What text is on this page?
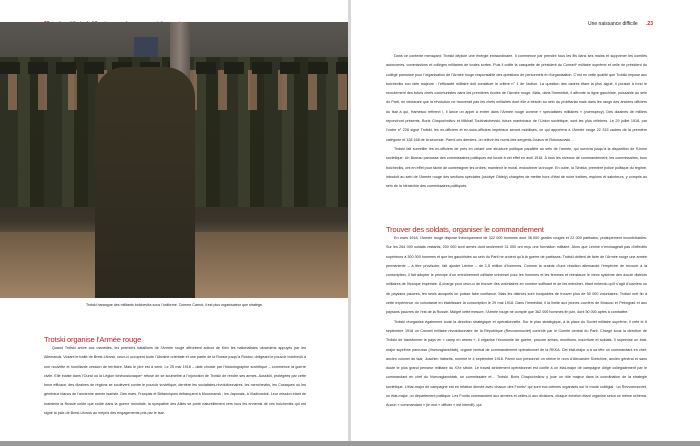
Trotski harangue des militants bolcheviks sous l’uniforme. Comme Carnot, il est plus organisateur que stratège.
Trotski organise l’Armée rouge

Quand Trotski arrive aux manettes, les premiers bataillons de l’Armée rouge affrontent autour de Kiev les nationalistes ukrainiens appuyés par les Allemands. Violant le traité de Brest-Litovsk, ceux-ci occupent toute l’Ukraine orientale et une partie de la Russie jusqu’à Rostov, obligeant le pouvoir bolchevik à une nouvelle et humiliante cession de territoire. Mais le pire est à venir. Le 25 mai 1918 – date choisie par l’historiographie soviétique – commence la guerre civile. Elle éclate dans l’Oural où la Légion tchécoslovaque* refuse de se soumettre à l’injonction de Trotski de rendre ses armes. Aussitôt, protégées par cette force efficace, des dizaines de régions se soulèvent contre le pouvoir soviétique, derrière les socialistes-révolutionnaires, les mencheviks, les Cosaques ou les généraux blancs de l’ancienne armée tsariste. Dès mars, Français et Britanniques débarquent à Mourmansk ; les Japonais, à Vladivostok. Leur mission étant de maintenir la Russie coûte que coûte dans la guerre mondiale, la sympathie des Alliés se porte naturellement vers tous les ennemis de ces bolcheviks qui ont signé la paix de Brest-Litovsk au mépris des engagements pris par le tsar.

Une naissance difficile .23

Dans ce contexte menaçant, Trotski déploie une énergie extraordinaire. Il commence par prendre tous les fils dans ses mains et supprimer les comités autonomes, commissions et collèges militaires de toutes sortes. Puis il coiffe la casquette de président du Conseil* militaire suprême et celle de président du collège panrusse pour l’organisation de l’Armée rouge responsable des questions de personnels et d’organisation. C’est en cette qualité que Trotski impose aux bolcheviks son idée majeure : l’efficacité militaire doit constituer le critère n° 1 de l’action. La question des cadres étant la plus aiguë, il pousse à fond le recrutement des futurs chefs communistes dans les premières écoles de l’Armée rouge. Mais, dans l’immédiat, il affronte la ligne gauchiste, puissante au sein du Parti, en déclarant que la révolution ne trouverait pas les chefs militaires dont elle a besoin au sein du prolétariat mais dans les rangs des anciens officiers du tsar à qui, Hamesco refirenri !, il lance un appel à entrer dans l’Armée rouge comme « spécialistes militaires » (voenspecy). Des dizaines de milliers répondront présents. Boris Chapochnikov et Mikhaïl Toukhatchevski, futurs maréchaux de l’Union soviétique, sont les plus célèbres. Le 29 juillet 1918, par l’ordre n° 228 signé Trotski, les ex-officiers et ex-sous-officiers impériaux seront mobilisés, ce qui apportera à l’Armée rouge 22 315 cadres de la première catégorie et 128 168 de la seconde. Parmi ces derniers, on relève les noms des sergents Joukov et Rokossovski…

Trotski fait surveiller les ex-officiers de près en créant une structure politique parallèle au sein de l’armée, qui survivra jusqu’à la disparition de l’Union soviétique. Un Bureau panrusse des commissaires politiques est fondé à cet effet en avril 1918. À tous les niveaux de commandement, les commissaires, tous bolcheviks, ont en effet pour tâche de contresigner les ordres, maintenir le moral, endoctriner la troupe. En outre, la Tchéka, première police politique du régime, introduit au sein de l’Armée rouge des sections spéciales (osobye Otdely) chargées de mettre hors d’état de nuire traîtres, espions et saboteurs, y compris au sein de la hiérarchie des commissaires politiques.

Trouver des soldats, organiser le commandement

En mars 1918, l’Armée rouge dispose théoriquement de 322 000 hommes dont 36 000 gardes rouges et 22 000 partisans, pratiquement incontrôlables. Sur les 264 000 soldats restants, 200 000 sont armés dont seulement 31 000 ont reçu une formation militaire. Alors que Lénine n’envisageait pas d’effectifs supérieurs à 300 000 hommes et que les gauchistes au sein du Parti ne croient qu’à la guerre de partisans, Trotski obtient de faire de l’Armée rouge une armée permanente – à titre provisoire, fait ajouter Lénine – de 1,5 million d’hommes. Comme la crainte d’une réaction allemande l’empêche de recourir à la conscription, il fait adopter le principe d’un entraînement militaire universel pour les hommes et les femmes et réinstaure le vieux système des douze districts militaires de l’époque impériale. À charge pour ceux-ci de trouver des volontaires en nombre suffisant et de les entraîner, étant entendu qu’il s’agit d’ouvriers ou de paysans pauvres, les seuls auxquels on puisse faire confiance. Mais les districts sont incapables de trouver plus de 50 000 volontaires. Trotski met fin à cette expérience du volontariat en établissant la conscription le 29 mai 1918. Dans l’immédiat, il la limite aux jeunes ouvriers de Moscou et Petrograd et aux paysans pauvres de l’est de la Russie. Malgré cette mesure, l’Armée rouge ne compte que 362 000 hommes fin juin, dont 50 000 aptes à combattre.

Trotski réorganise également toute la direction stratégique et opérationnelle. Sur le plan stratégique, à la place du Soviet militaire suprême, il crée le 6 septembre 1918 un Conseil militaire révolutionnaire de la République (Revvoensoviet) contrôlé par le Comité central du Parti. Chargé sous la direction de Trotski de transformer le pays en « camp en armes », il organise l’économie de guerre, procure armes, munitions, nourriture et soldats. Il supervise un état-major suprême panrusse (Vserosglavshtab), organe central de commandement opérationnel de la RKKA. Cet état-major a à sa tête un commandant en chef, ancien colonel du tsar, Joachim Vatsetis, nommé le 4 septembre 1918. Parmi son personnel on relève le nom d’Alexandre Svetchine, ancien général et sans doute le plus grand penseur militaire du XXe siècle. Le travail strictement opérationnel est confié à un état-major de campagne dirigé collégialement par le commandant en chef du Vserosglavshtab, un commissaire et… Trotski. Boris Chapochnikov y joue un rôle majeur dans la coordination de la stratégie soviétique. L’état-major de campagne est en relation directe avec chacun des Fronts* qui sont eux-mêmes organisés sur le mode collégial : un Revvoensoviet, un état-major, un département politique. Les Fronts commandent aux armées et celles-ci aux divisions, chaque échelon étant organisé selon ce même schéma. Aucun « commandant » (le mot « officier » est interdit), qui
